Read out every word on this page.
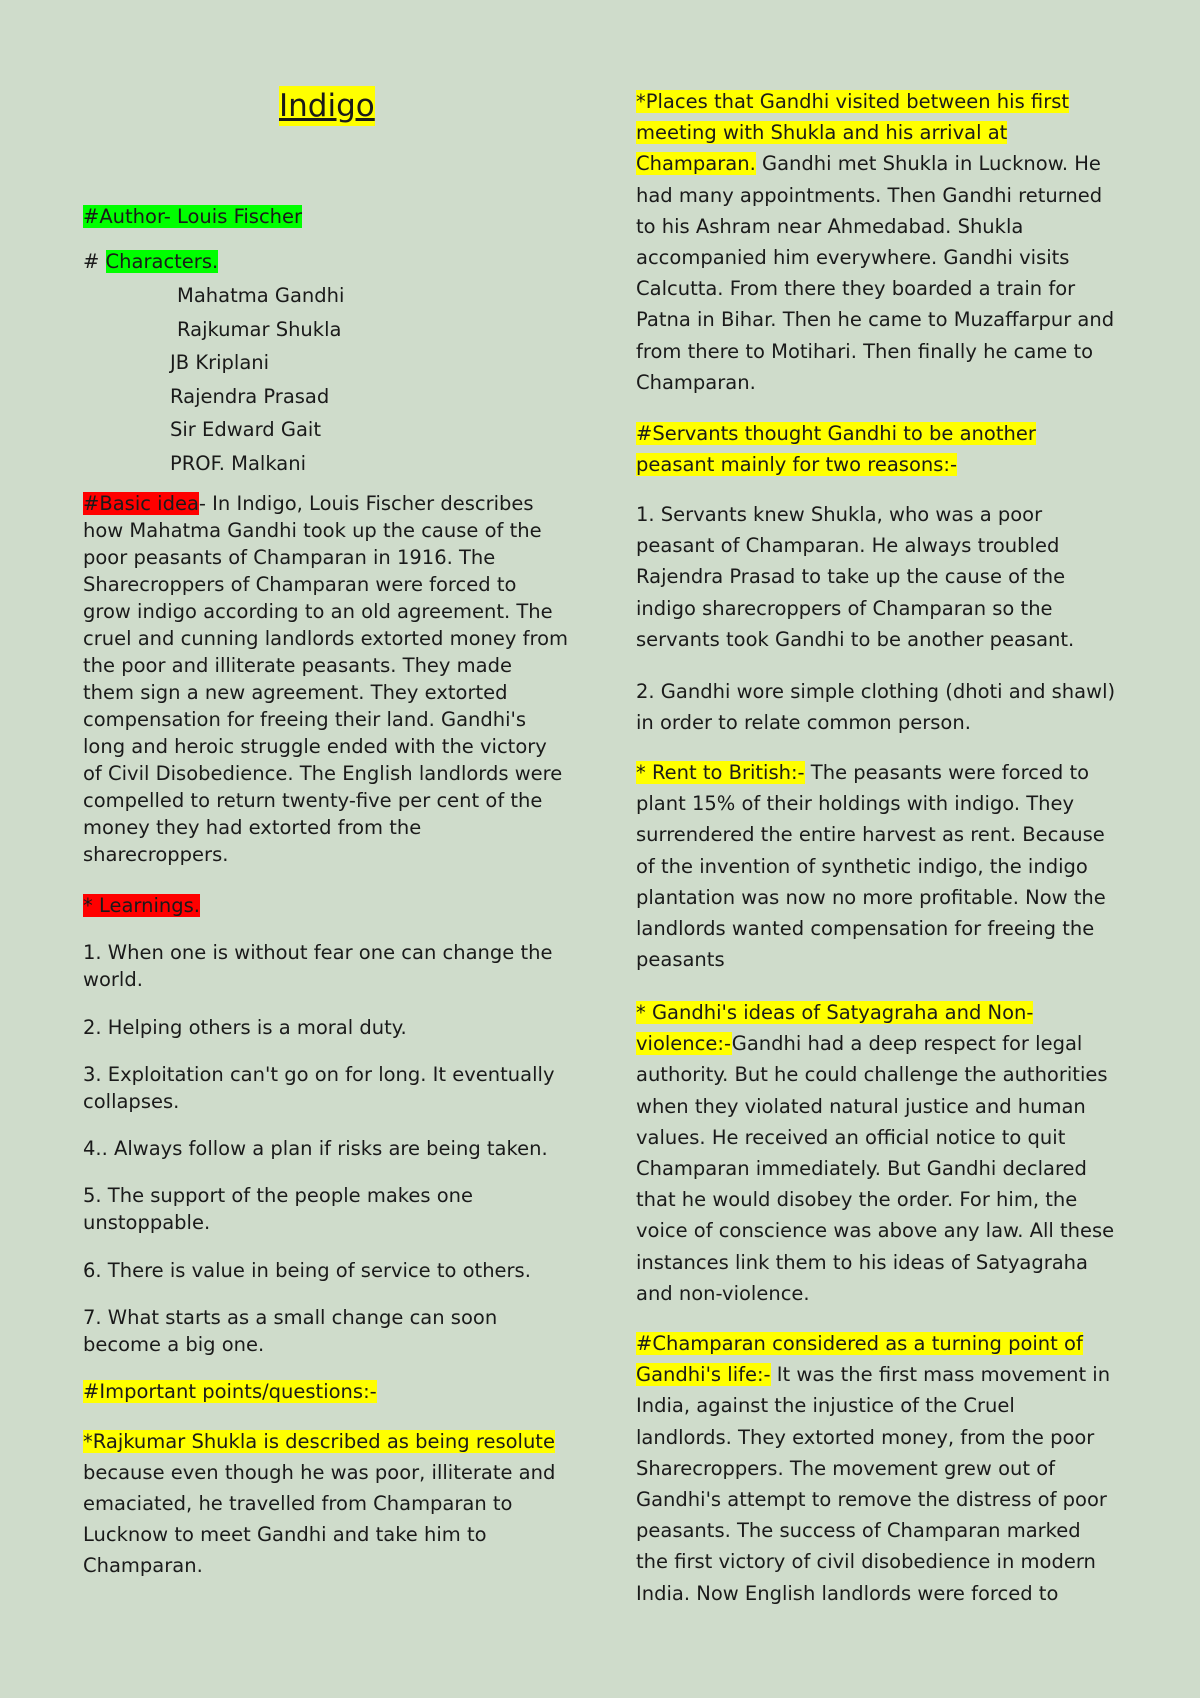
Indigo

#Author- Louis Fischer

# Characters.

Mahatma Gandhi
Rajkumar Shukla
JB Kriplani
Rajendra Prasad
Sir Edward Gait
PROF. Malkani

#Basic idea- In Indigo, Louis Fischer describes how Mahatma Gandhi took up the cause of the poor peasants of Champaran in 1916. The Sharecroppers of Champaran were forced to grow indigo according to an old agreement. The cruel and cunning landlords extorted money from the poor and illiterate peasants. They made them sign a new agreement. They extorted compensation for freeing their land. Gandhi's long and heroic struggle ended with the victory of Civil Disobedience. The English landlords were compelled to return twenty-five per cent of the money they had extorted from the sharecroppers.

* Learnings.

1. When one is without fear one can change the world.

2. Helping others is a moral duty.

3. Exploitation can't go on for long. It eventually collapses.

4.. Always follow a plan if risks are being taken.

5. The support of the people makes one unstoppable.

6. There is value in being of service to others.

7. What starts as a small change can soon become a big one.

#Important points/questions:-

*Rajkumar Shukla is described as being resolute because even though he was poor, illiterate and emaciated, he travelled from Champaran to Lucknow to meet Gandhi and take him to Champaran.

*Places that Gandhi visited between his first meeting with Shukla and his arrival at Champaran. Gandhi met Shukla in Lucknow. He had many appointments. Then Gandhi returned to his Ashram near Ahmedabad. Shukla accompanied him everywhere. Gandhi visits Calcutta. From there they boarded a train for Patna in Bihar. Then he came to Muzaffarpur and from there to Motihari. Then finally he came to Champaran.

#Servants thought Gandhi to be another peasant mainly for two reasons:-

1. Servants knew Shukla, who was a poor peasant of Champaran. He always troubled Rajendra Prasad to take up the cause of the indigo sharecroppers of Champaran so the servants took Gandhi to be another peasant.

2. Gandhi wore simple clothing (dhoti and shawl) in order to relate common person.

* Rent to British:- The peasants were forced to plant 15% of their holdings with indigo. They surrendered the entire harvest as rent. Because of the invention of synthetic indigo, the indigo plantation was now no more profitable. Now the landlords wanted compensation for freeing the peasants

* Gandhi's ideas of Satyagraha and Non-violence:-Gandhi had a deep respect for legal authority. But he could challenge the authorities when they violated natural justice and human values. He received an official notice to quit Champaran immediately. But Gandhi declared that he would disobey the order. For him, the voice of conscience was above any law. All these instances link them to his ideas of Satyagraha and non-violence.

#Champaran considered as a turning point of Gandhi's life:- It was the first mass movement in India, against the injustice of the Cruel landlords. They extorted money, from the poor Sharecroppers. The movement grew out of Gandhi's attempt to remove the distress of poor peasants. The success of Champaran marked the first victory of civil disobedience in modern India. Now English landlords were forced to
